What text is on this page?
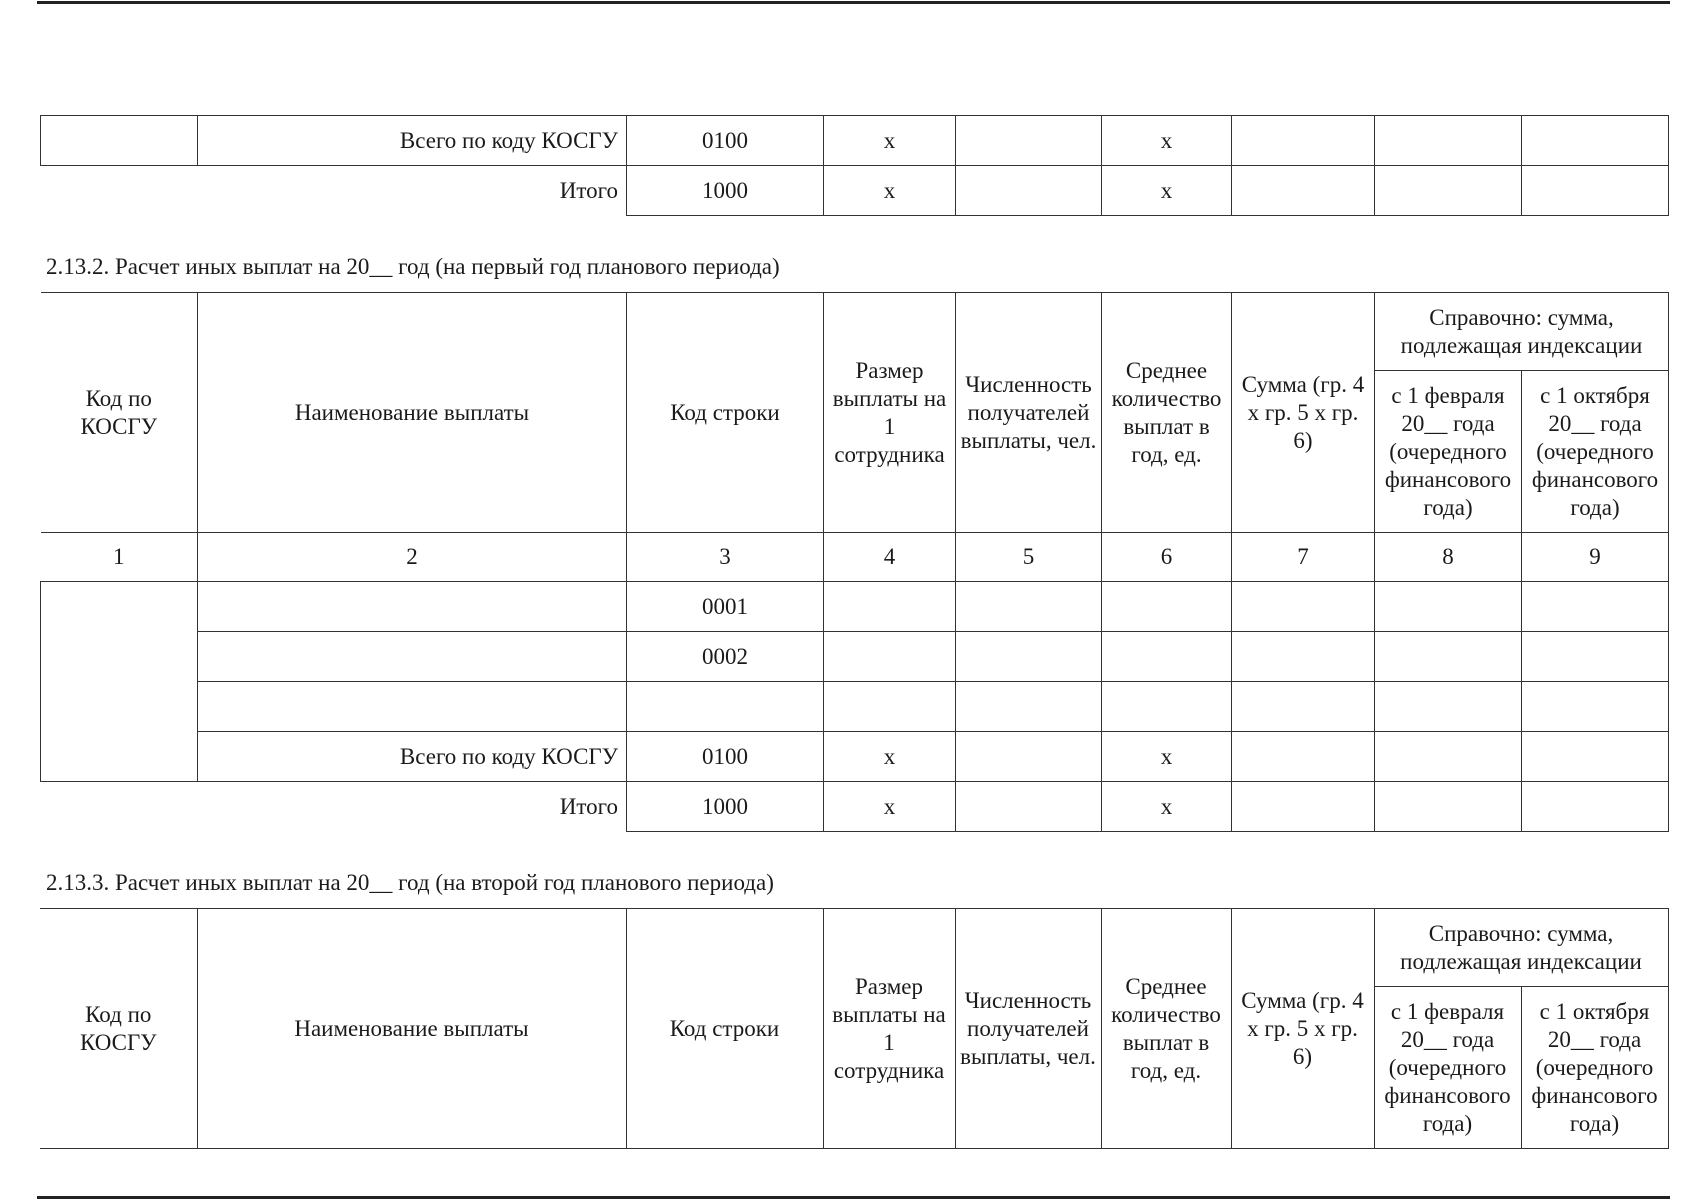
	Всего по коду КОСГУ	0100	x		x			
Итого		1000	x		x			
2.13.2. Расчет иных выплат на 20__ год (на первый год планового периода)
Код по КОСГУ	Наименование выплаты	Код строки	Размер выплаты на 1 сотрудника	Численность получателей выплаты, чел.	Среднее количество выплат в год, ед.	Сумма (гр. 4 х гр. 5 х гр. 6)	Справочно: сумма, подлежащая индексации	
							с 1 февраля 20__ года (очередного финансового года)	с 1 октября 20__ года (очередного финансового года)
1	2	3	4	5	6	7	8	9
		0001						
		0002						

	Всего по коду КОСГУ	0100	x		x			
Итого		1000	x		x			
2.13.3. Расчет иных выплат на 20__ год (на второй год планового периода)
Код по КОСГУ	Наименование выплаты	Код строки	Размер выплаты на 1 сотрудника	Численность получателей выплаты, чел.	Среднее количество выплат в год, ед.	Сумма (гр. 4 х гр. 5 х гр. 6)	Справочно: сумма, подлежащая индексации	
							с 1 февраля 20__ года (очередного финансового года)	с 1 октября 20__ года (очередного финансового года)
